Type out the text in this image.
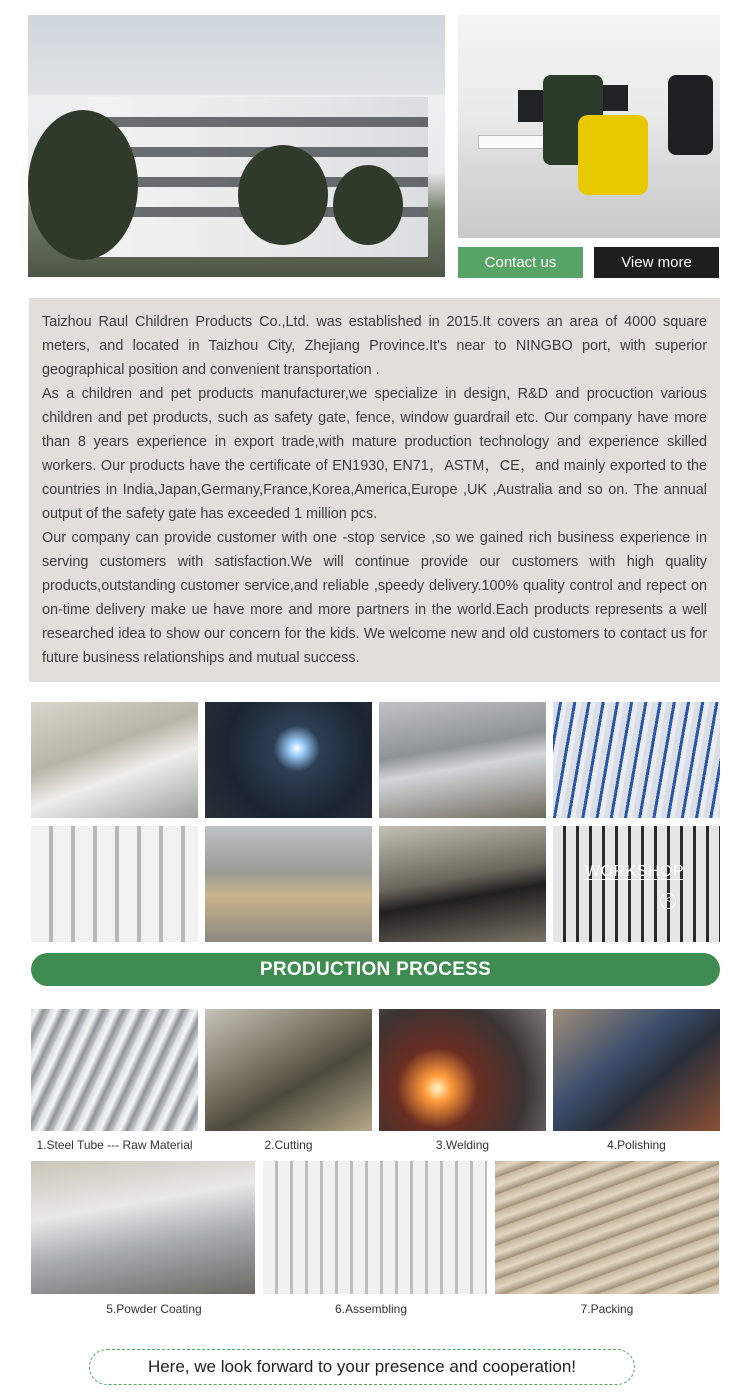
Contact us	View more

Taizhou Raul Children Products Co.,Ltd. was established in 2015.It covers an area of 4000 square meters, and located in Taizhou City, Zhejiang Province.It's near to NINGBO port, with superior geographical position and convenient transportation .

As a children and pet products manufacturer,we specialize in design, R&D and procuction various children and pet products, such as safety gate, fence, window guardrail etc. Our company have more than 8 years experience in export trade,with mature production technology and experience skilled workers. Our products have the certificate of EN1930, EN71，ASTM，CE，and mainly exported to the countries in India,Japan,Germany,France,Korea,America,Europe ,UK ,Australia and so on. The annual output of the safety gate has exceeded 1 million pcs.

Our company can provide customer with one -stop service ,so we gained rich business experience in serving customers with satisfaction.We will continue provide our customers with high quality products,outstanding customer service,and reliable ,speedy delivery.100% quality control and repect on on-time delivery make ue have more and more partners in the world.Each products represents a well researched idea to show our concern for the kids. We welcome new and old customers to contact us for future business relationships and mutual success.

WORKSHOP
<
PRODUCTION PROCESS
1.Steel Tube --- Raw Material	2.Cutting	3.Welding	4.Polishing
5.Powder Coating	6.Assembling	7.Packing
Here, we look forward to your presence and cooperation!
